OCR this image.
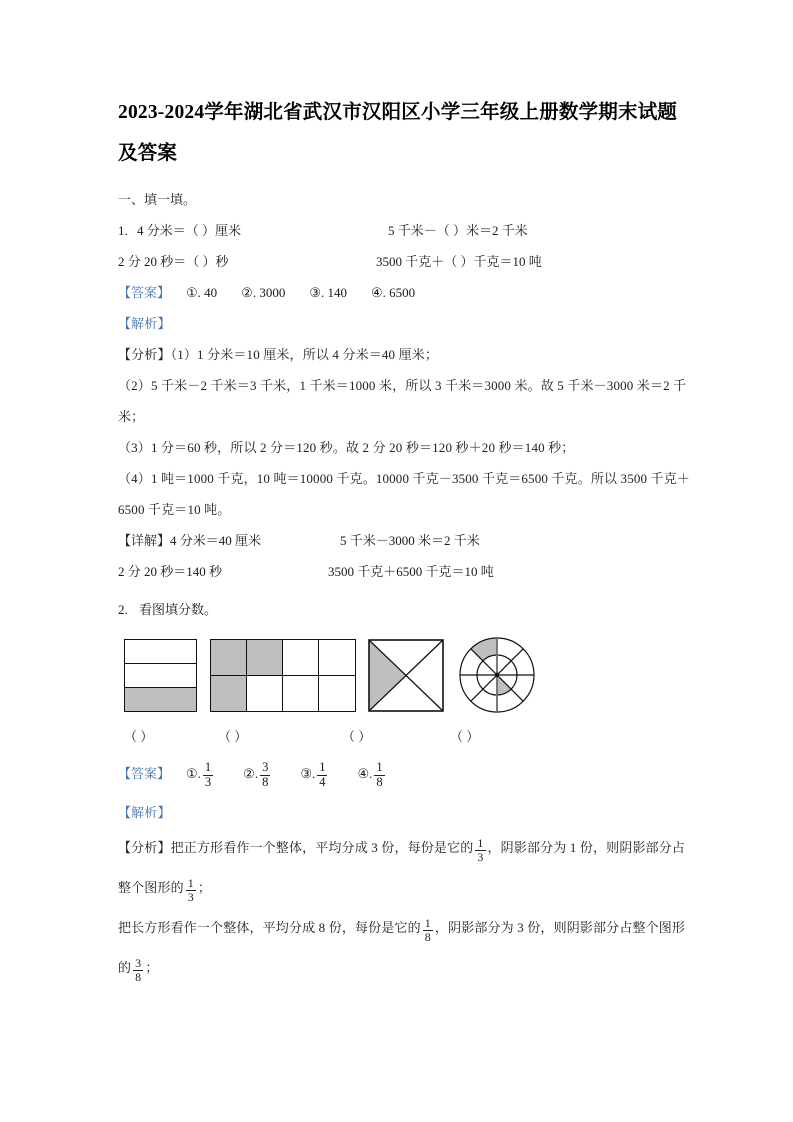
2023-2024学年湖北省武汉市汉阳区小学三年级上册数学期末试题及答案
一、填一填。
1. 4 分米＝（ ）厘米	5 千米－（ ）米＝2 千米
2 分 20 秒＝（ ）秒	3500 千克＋（ ）千克＝10 吨
【答案】 ①. 40 ②. 3000 ③. 140 ④. 6500
【解析】
【分析】（1）1 分米＝10 厘米，所以 4 分米＝40 厘米；
（2）5 千米－2 千米＝3 千米，1 千米＝1000 米，所以 3 千米＝3000 米。故 5 千米－3000 米＝2 千米；
（3）1 分＝60 秒，所以 2 分＝120 秒。故 2 分 20 秒＝120 秒＋20 秒＝140 秒；
（4）1 吨＝1000 千克，10 吨＝10000 千克。10000 千克－3500 千克＝6500 千克。所以 3500 千克＋6500 千克＝10 吨。
【详解】4 分米＝40 厘米	5 千米－3000 米＝2 千米
2 分 20 秒＝140 秒	3500 千克＋6500 千克＝10 吨
2. 看图填分数。
（ ）	（ ）	（ ）	（ ）
【答案】 ①. $\frac{1}{3}$ ②. $\frac{3}{8}$ ③. $\frac{1}{4}$ ④. $\frac{1}{8}$
【解析】
【分析】把正方形看作一个整体，平均分成 3 份，每份是它的 $\frac{1}{3}$ ，阴影部分为 1 份，则阴影部分占整个图形的 $\frac{1}{3}$ ；
把长方形看作一个整体，平均分成 8 份，每份是它的 $\frac{1}{8}$ ，阴影部分为 3 份，则阴影部分占整个图形的 $\frac{3}{8}$ ；
